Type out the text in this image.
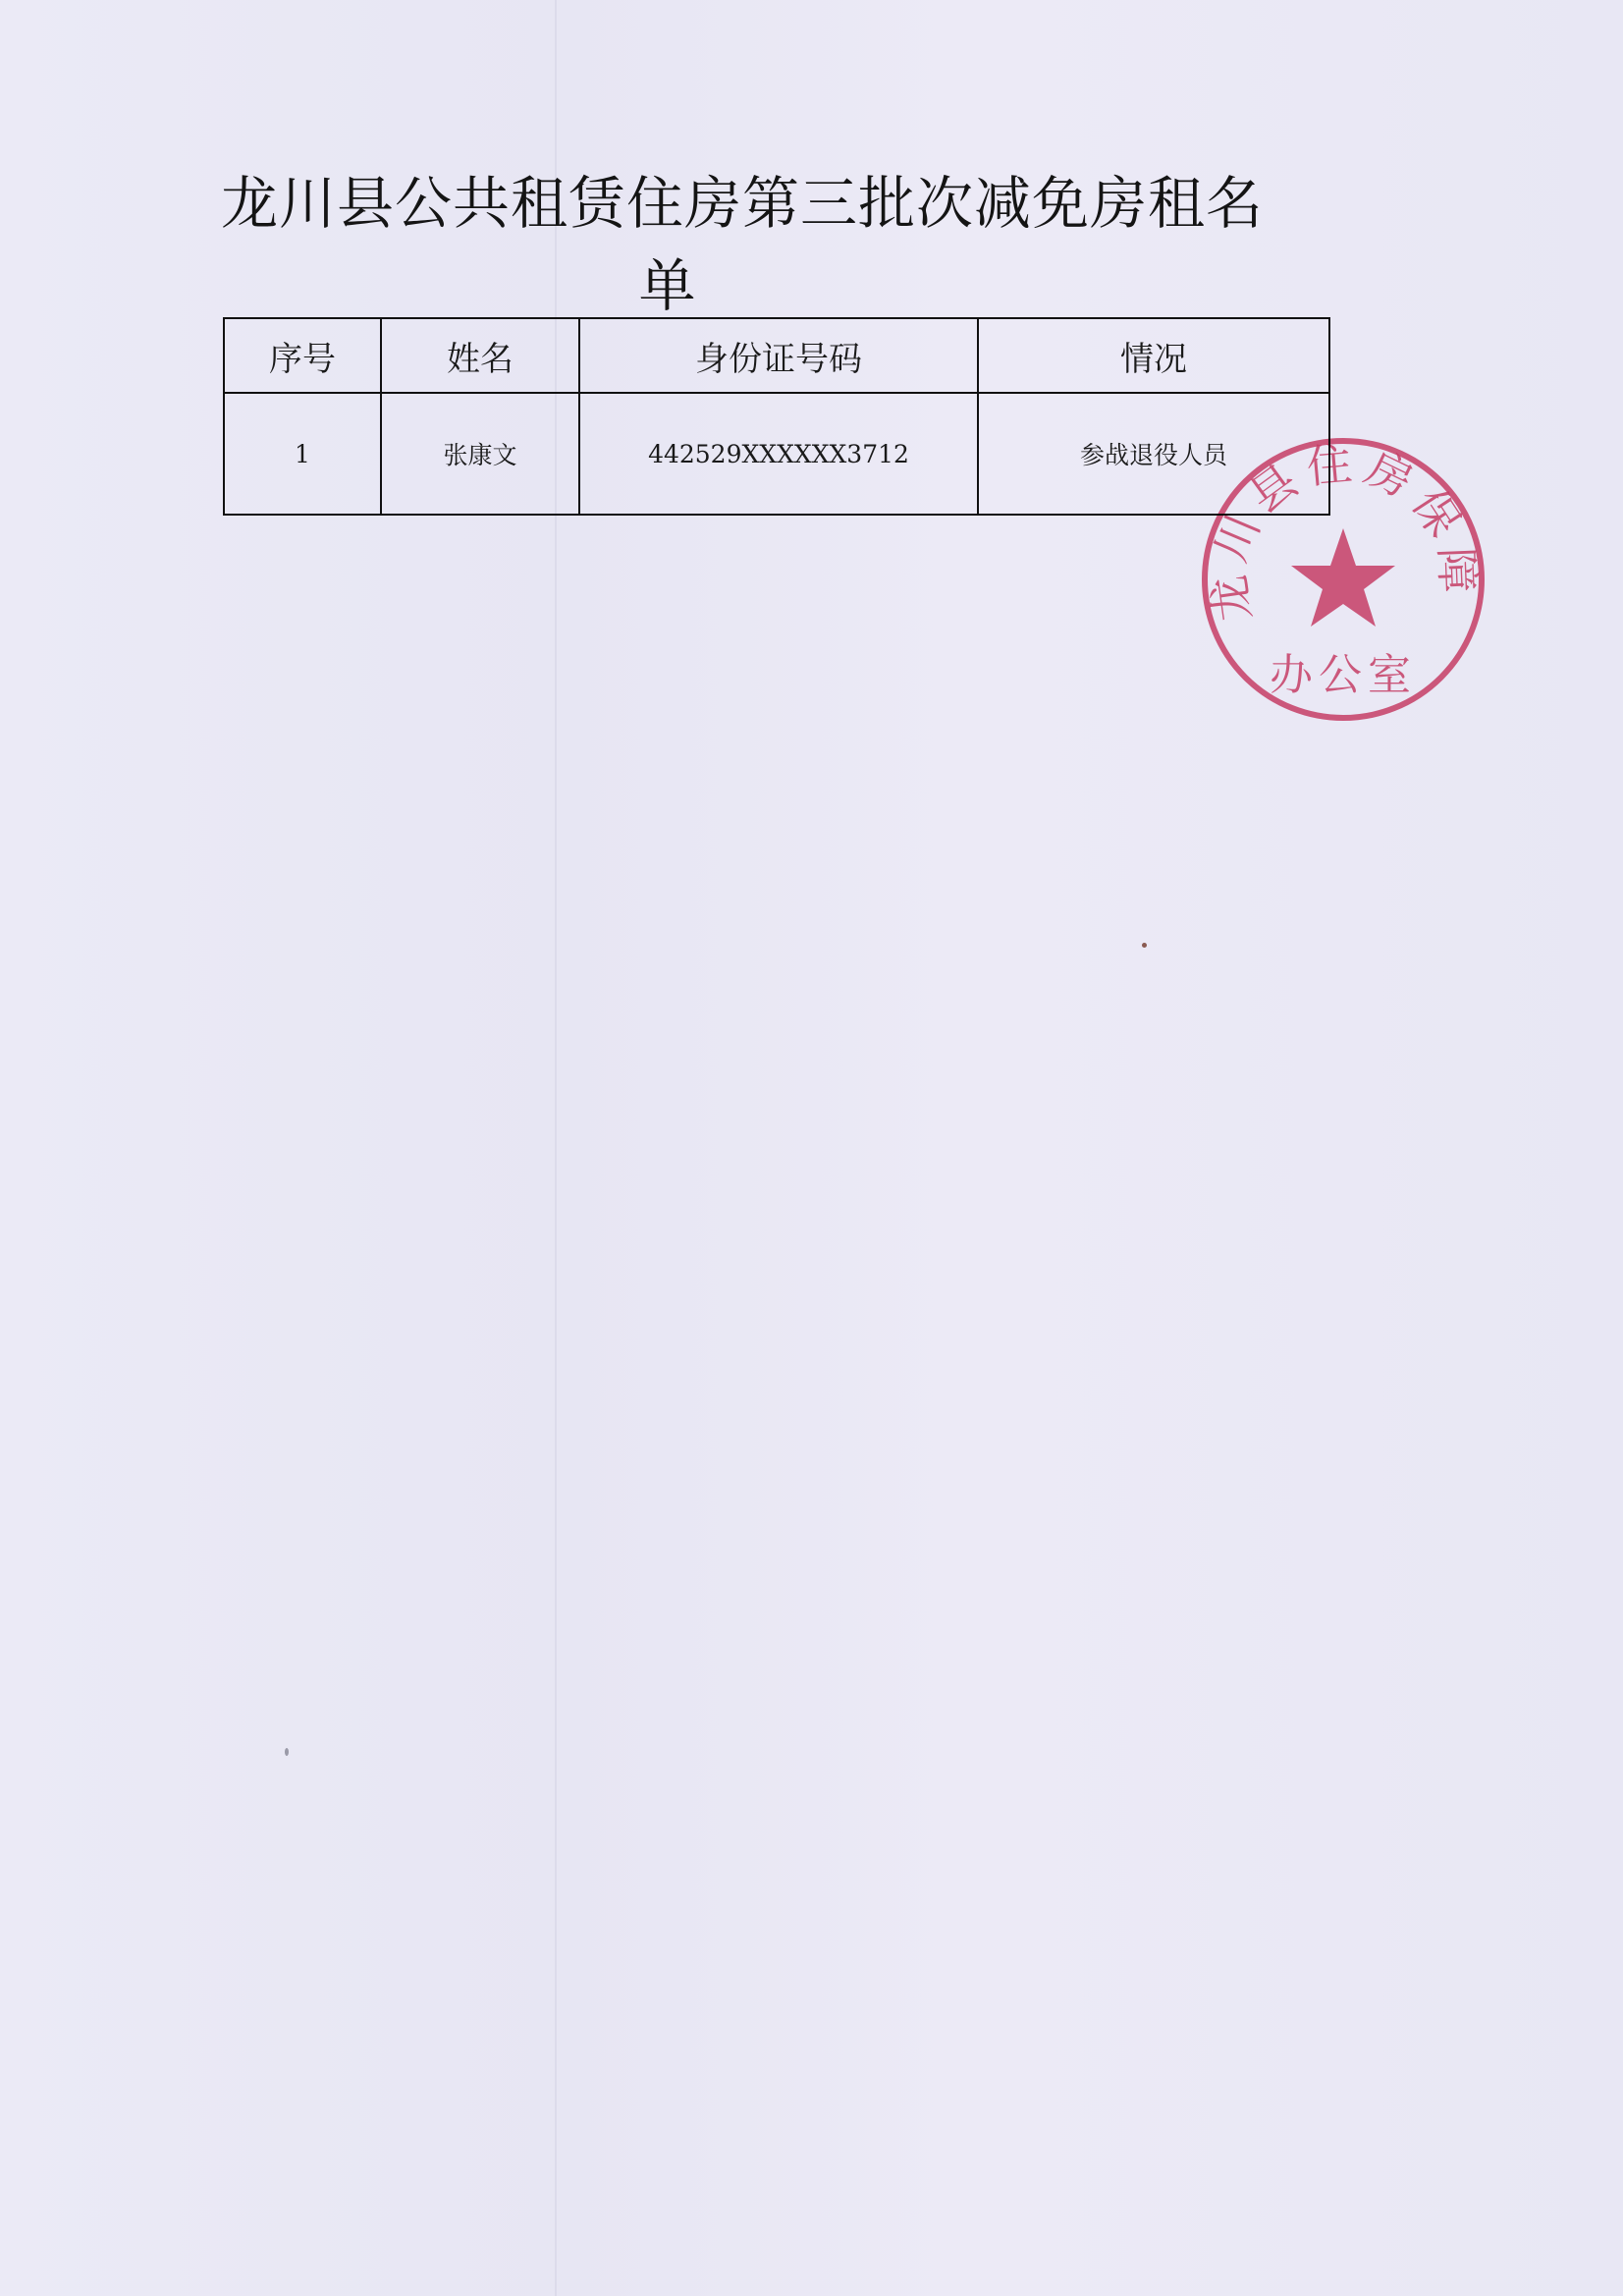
龙川县公共租赁住房第三批次减免房租名
单
序号	姓名	身份证号码	情况
1	张康文	442529XXXXXX3712	参战退役人员
龙川县住房保障
办公室
